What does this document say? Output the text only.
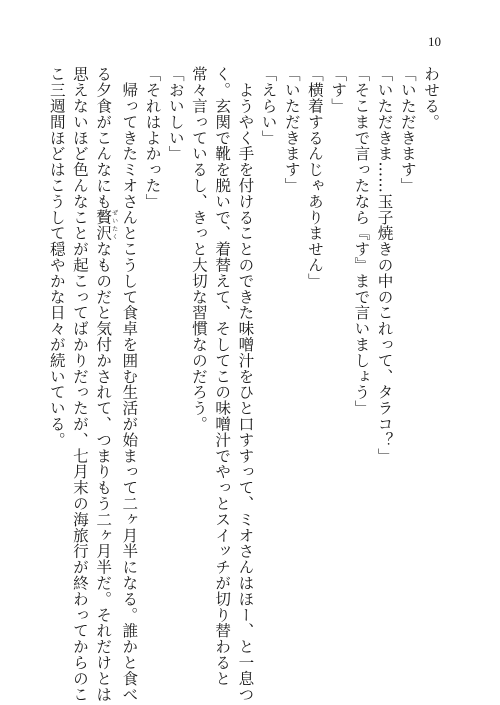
10
わせる。
「いただきます」
「いただきま……玉子焼きの中のこれって、タラコ？」
「そこまで言ったなら『す』まで言いましょう」
「す」
「横着するんじゃありません」
「いただきます」
「えらい」
　ようやく手を付けることのできた味噌汁をひと口すすって、ミオさんはほー、と一息つ
く。玄関で靴を脱いで、着替えて、そしてこの味噌汁でやっとスイッチが切り替わると
常々言っているし、きっと大切な習慣なのだろう。
「おいしい」
「それはよかった」
　帰ってきたミオさんとこうして食卓を囲む生活が始まって二ヶ月半になる。誰かと食べ
る夕食がこんなにも贅沢ぜいたくなものだと気付かされて、つまりもう二ヶ月半だ。それだけとは
思えないほど色んなことが起こってばかりだったが、七月末の海旅行が終わってからのこ
こ三週間ほどはこうして穏やかな日々が続いている。
